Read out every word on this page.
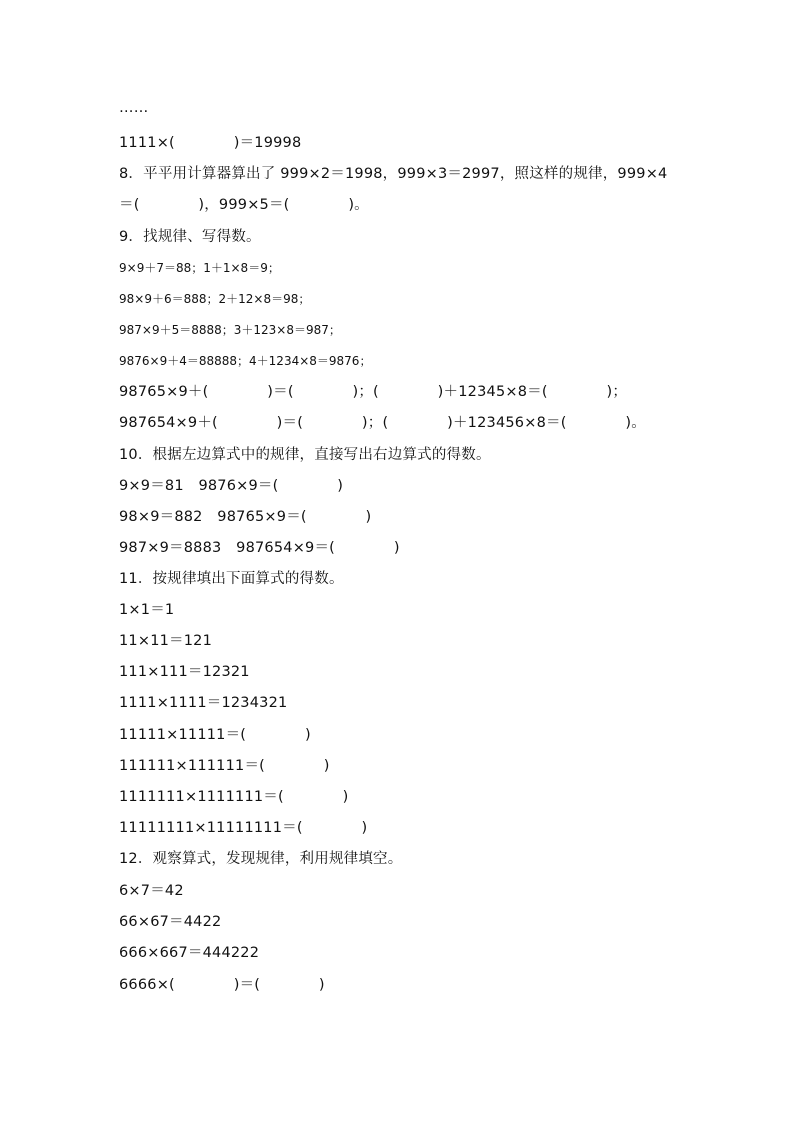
……
1111×(　　　　)＝19998
8．平平用计算器算出了 999×2＝1998，999×3＝2997，照这样的规律，999×4
＝(　　　　)，999×5＝(　　　　)。
9．找规律、写得数。
9×9＋7＝88；1＋1×8＝9；
98×9＋6＝888；2＋12×8＝98；
987×9＋5＝8888；3＋123×8＝987；
9876×9＋4＝88888；4＋1234×8＝9876；
98765×9＋(　　　　)＝(　　　　)；(　　　　)＋12345×8＝(　　　　)；
987654×9＋(　　　　)＝(　　　　)；(　　　　)＋123456×8＝(　　　　)。
10．根据左边算式中的规律，直接写出右边算式的得数。
9×9＝81　9876×9＝(　　　　)
98×9＝882　98765×9＝(　　　　)
987×9＝8883　987654×9＝(　　　　)
11．按规律填出下面算式的得数。
1×1＝1
11×11＝121
111×111＝12321
1111×1111＝1234321
11111×11111＝(　　　　)
111111×111111＝(　　　　)
1111111×1111111＝(　　　　)
11111111×11111111＝(　　　　)
12．观察算式，发现规律，利用规律填空。
6×7＝42
66×67＝4422
666×667＝444222
6666×(　　　　)＝(　　　　)
